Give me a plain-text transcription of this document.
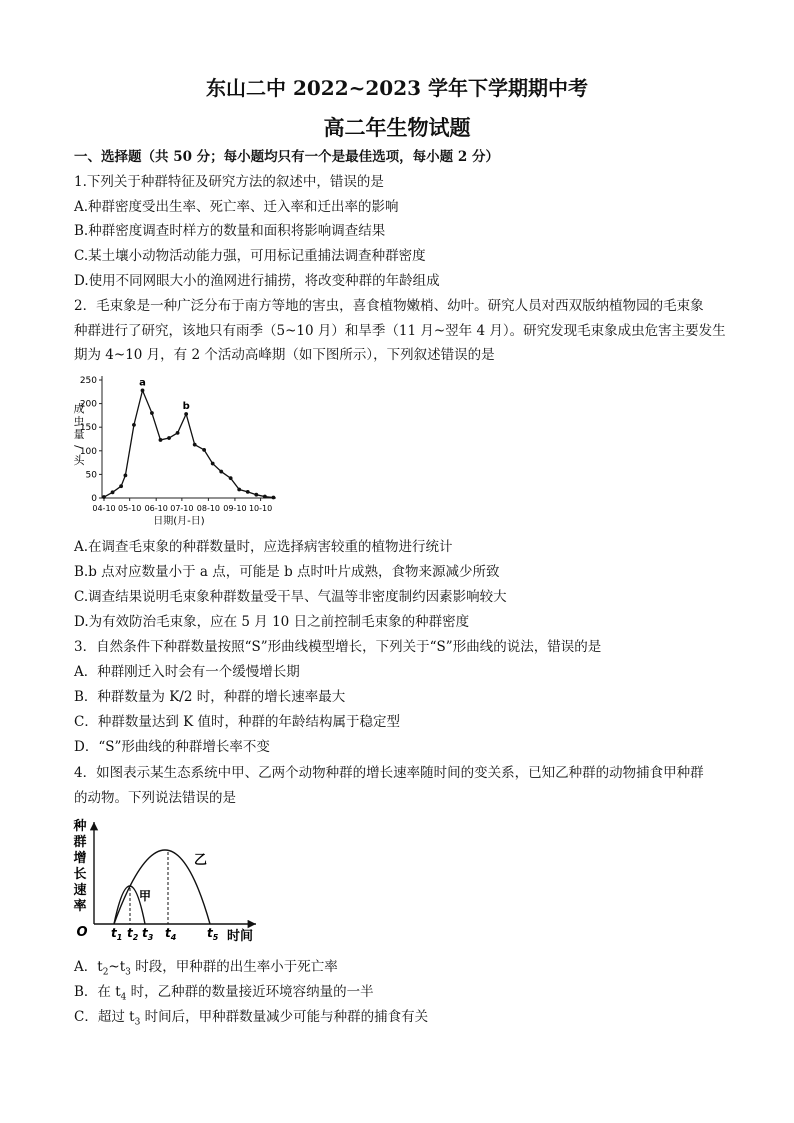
东山二中 2022~2023 学年下学期期中考
高二年生物试题
一、选择题（共 50 分；每小题均只有一个是最佳选项，每小题 2 分）
1.下列关于种群特征及研究方法的叙述中，错误的是
A.种群密度受出生率、死亡率、迁入率和迁出率的影响
B.种群密度调查时样方的数量和面积将影响调查结果
C.某土壤小动物活动能力强，可用标记重捕法调查种群密度
D.使用不同网眼大小的渔网进行捕捞，将改变种群的年龄组成
2．毛束象是一种广泛分布于南方等地的害虫，喜食植物嫩梢、幼叶。研究人员对西双版纳植物园的毛束象
种群进行了研究，该地只有雨季（5~10 月）和旱季（11 月~翌年 4 月）。研究发现毛束象成虫危害主要发生
期为 4~10 月，有 2 个活动高峰期（如下图所示），下列叙述错误的是
250
200
150
100
50
0
04-10 05-10 06-10 07-10 08-10 09-10 10-10
成
虫
量
/
头
日期(月-日)
a
b
A.在调查毛束象的种群数量时，应选择病害较重的植物进行统计
B.b 点对应数量小于 a 点，可能是 b 点时叶片成熟，食物来源减少所致
C.调查结果说明毛束象种群数量受干旱、气温等非密度制约因素影响较大
D.为有效防治毛束象，应在 5 月 10 日之前控制毛束象的种群密度
3．自然条件下种群数量按照“S”形曲线模型增长，下列关于“S”形曲线的说法，错误的是
A．种群刚迁入时会有一个缓慢增长期
B．种群数量为 K/2 时，种群的增长速率最大
C．种群数量达到 K 值时，种群的年龄结构属于稳定型
D．“S”形曲线的种群增长率不变
4．如图表示某生态系统中甲、乙两个动物种群的增长速率随时间的变关系，已知乙种群的动物捕食甲种群
的动物。下列说法错误的是
种
群
增
长
速
率
O	时间
乙
甲
$t_1$ $t_2$ $t_3$ $t_4$	$t_5$
A．$t_2\sim t_3$ 时段，甲种群的出生率小于死亡率
B．在 $t_4$ 时，乙种群的数量接近环境容纳量的一半
C．超过 $t_3$ 时间后，甲种群数量减少可能与种群的捕食有关
